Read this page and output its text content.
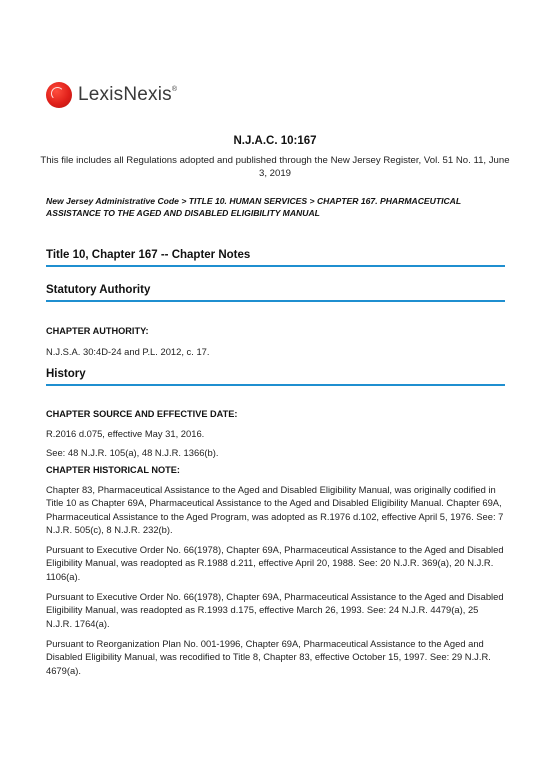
LexisNexis®
N.J.A.C. 10:167
This file includes all Regulations adopted and published through the New Jersey Register, Vol. 51 No. 11, June 3, 2019
New Jersey Administrative Code > TITLE 10. HUMAN SERVICES > CHAPTER 167. PHARMACEUTICAL ASSISTANCE TO THE AGED AND DISABLED ELIGIBILITY MANUAL
Title 10, Chapter 167 -- Chapter Notes
Statutory Authority
CHAPTER AUTHORITY:
N.J.S.A. 30:4D-24 and P.L. 2012, c. 17.
History
CHAPTER SOURCE AND EFFECTIVE DATE:
R.2016 d.075, effective May 31, 2016.
See: 48 N.J.R. 105(a), 48 N.J.R. 1366(b).
CHAPTER HISTORICAL NOTE:
Chapter 83, Pharmaceutical Assistance to the Aged and Disabled Eligibility Manual, was originally codified in Title 10 as Chapter 69A, Pharmaceutical Assistance to the Aged and Disabled Eligibility Manual. Chapter 69A, Pharmaceutical Assistance to the Aged Program, was adopted as R.1976 d.102, effective April 5, 1976. See: 7 N.J.R. 505(c), 8 N.J.R. 232(b).
Pursuant to Executive Order No. 66(1978), Chapter 69A, Pharmaceutical Assistance to the Aged and Disabled Eligibility Manual, was readopted as R.1988 d.211, effective April 20, 1988. See: 20 N.J.R. 369(a), 20 N.J.R. 1106(a).
Pursuant to Executive Order No. 66(1978), Chapter 69A, Pharmaceutical Assistance to the Aged and Disabled Eligibility Manual, was readopted as R.1993 d.175, effective March 26, 1993. See: 24 N.J.R. 4479(a), 25 N.J.R. 1764(a).
Pursuant to Reorganization Plan No. 001-1996, Chapter 69A, Pharmaceutical Assistance to the Aged and Disabled Eligibility Manual, was recodified to Title 8, Chapter 83, effective October 15, 1997. See: 29 N.J.R. 4679(a).
